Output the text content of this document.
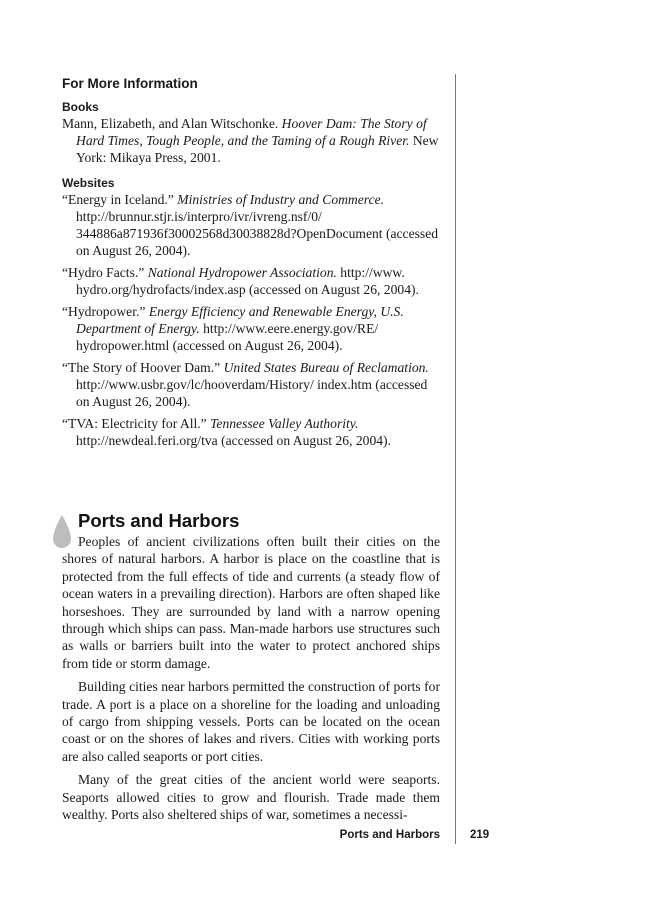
For More Information
Books

Mann, Elizabeth, and Alan Witschonke. Hoover Dam: The Story of Hard Times, Tough People, and the Taming of a Rough River. New York: Mikaya Press, 2001.

Websites

“Energy in Iceland.” Ministries of Industry and Commerce. http://brunnur.stjr.is/interpro/ivr/ivreng.nsf/0/ 344886a871936f30002568d30038828d?OpenDocument (accessed on August 26, 2004).

“Hydro Facts.” National Hydropower Association. http://www. hydro.org/hydrofacts/index.asp (accessed on August 26, 2004).

“Hydropower.” Energy Efficiency and Renewable Energy, U.S. Department of Energy. http://www.eere.energy.gov/RE/ hydropower.html (accessed on August 26, 2004).

“The Story of Hoover Dam.” United States Bureau of Reclamation. http://www.usbr.gov/lc/hooverdam/History/ index.htm (accessed on August 26, 2004).

“TVA: Electricity for All.” Tennessee Valley Authority. http://newdeal.feri.org/tva (accessed on August 26, 2004).

Ports and Harbors

Peoples of ancient civilizations often built their cities on the shores of natural harbors. A harbor is place on the coastline that is protected from the full effects of tide and currents (a steady flow of ocean waters in a prevailing direction). Harbors are often shaped like horseshoes. They are surrounded by land with a narrow opening through which ships can pass. Man-made harbors use structures such as walls or barriers built into the water to protect anchored ships from tide or storm damage.

Building cities near harbors permitted the construction of ports for trade. A port is a place on a shoreline for the loading and unloading of cargo from shipping vessels. Ports can be located on the ocean coast or on the shores of lakes and rivers. Cities with working ports are also called seaports or port cities.

Many of the great cities of the ancient world were seaports. Seaports allowed cities to grow and flourish. Trade made them wealthy. Ports also sheltered ships of war, sometimes a necessi-

Ports and Harbors	219
